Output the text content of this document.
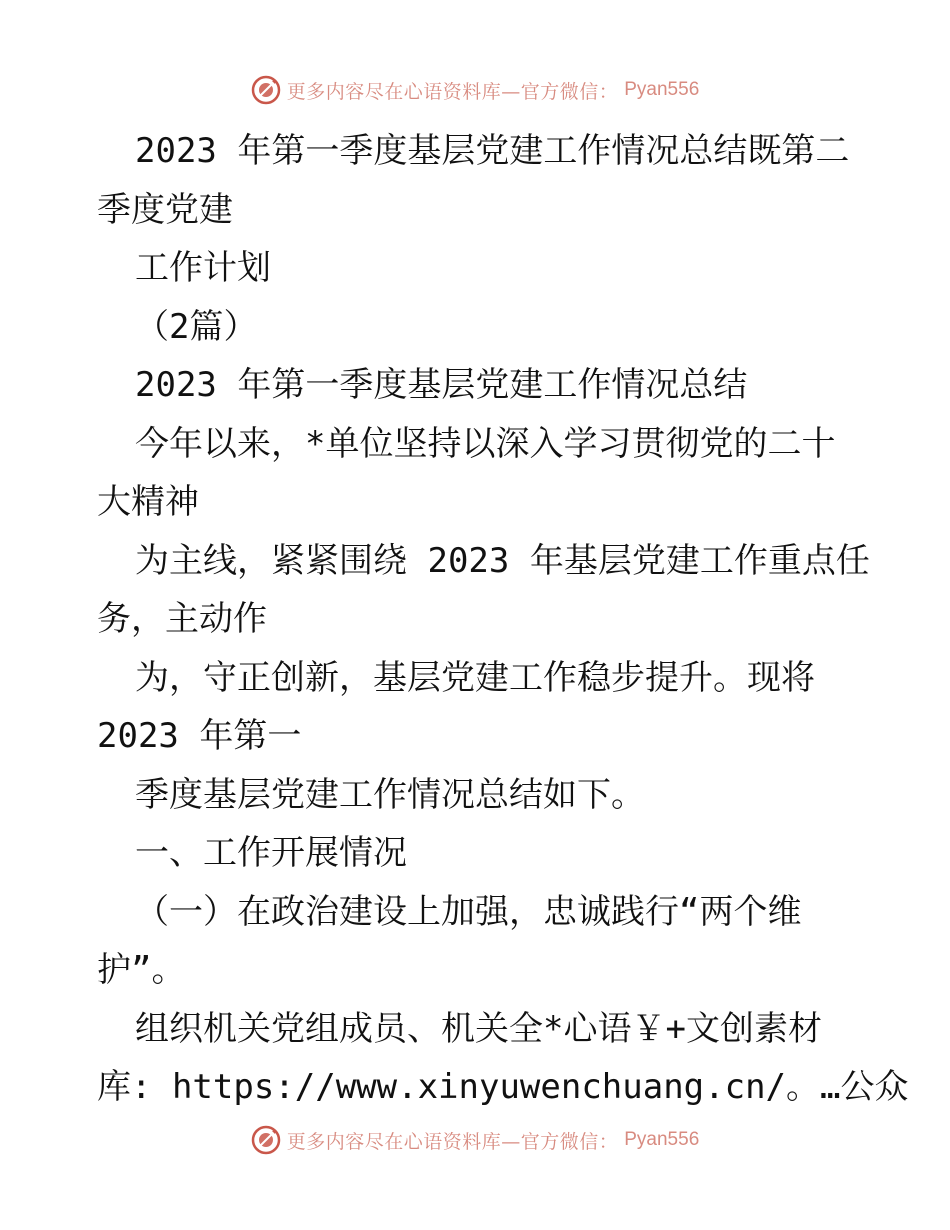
更多内容尽在心语资料库—官方微信： Pyan556
2023 年第一季度基层党建工作情况总结既第二
季度党建
工作计划
（2篇）
2023 年第一季度基层党建工作情况总结
今年以来，*单位坚持以深入学习贯彻党的二十
大精神
为主线，紧紧围绕 2023 年基层党建工作重点任
务，主动作
为，守正创新，基层党建工作稳步提升。现将
2023 年第一
季度基层党建工作情况总结如下。
一、工作开展情况
（一）在政治建设上加强，忠诚践行“两个维
护”。
组织机关党组成员、机关全*心语￥+文创素材
库: https://www.xinyuwenchuang.cn/。…公众
更多内容尽在心语资料库—官方微信： Pyan556
